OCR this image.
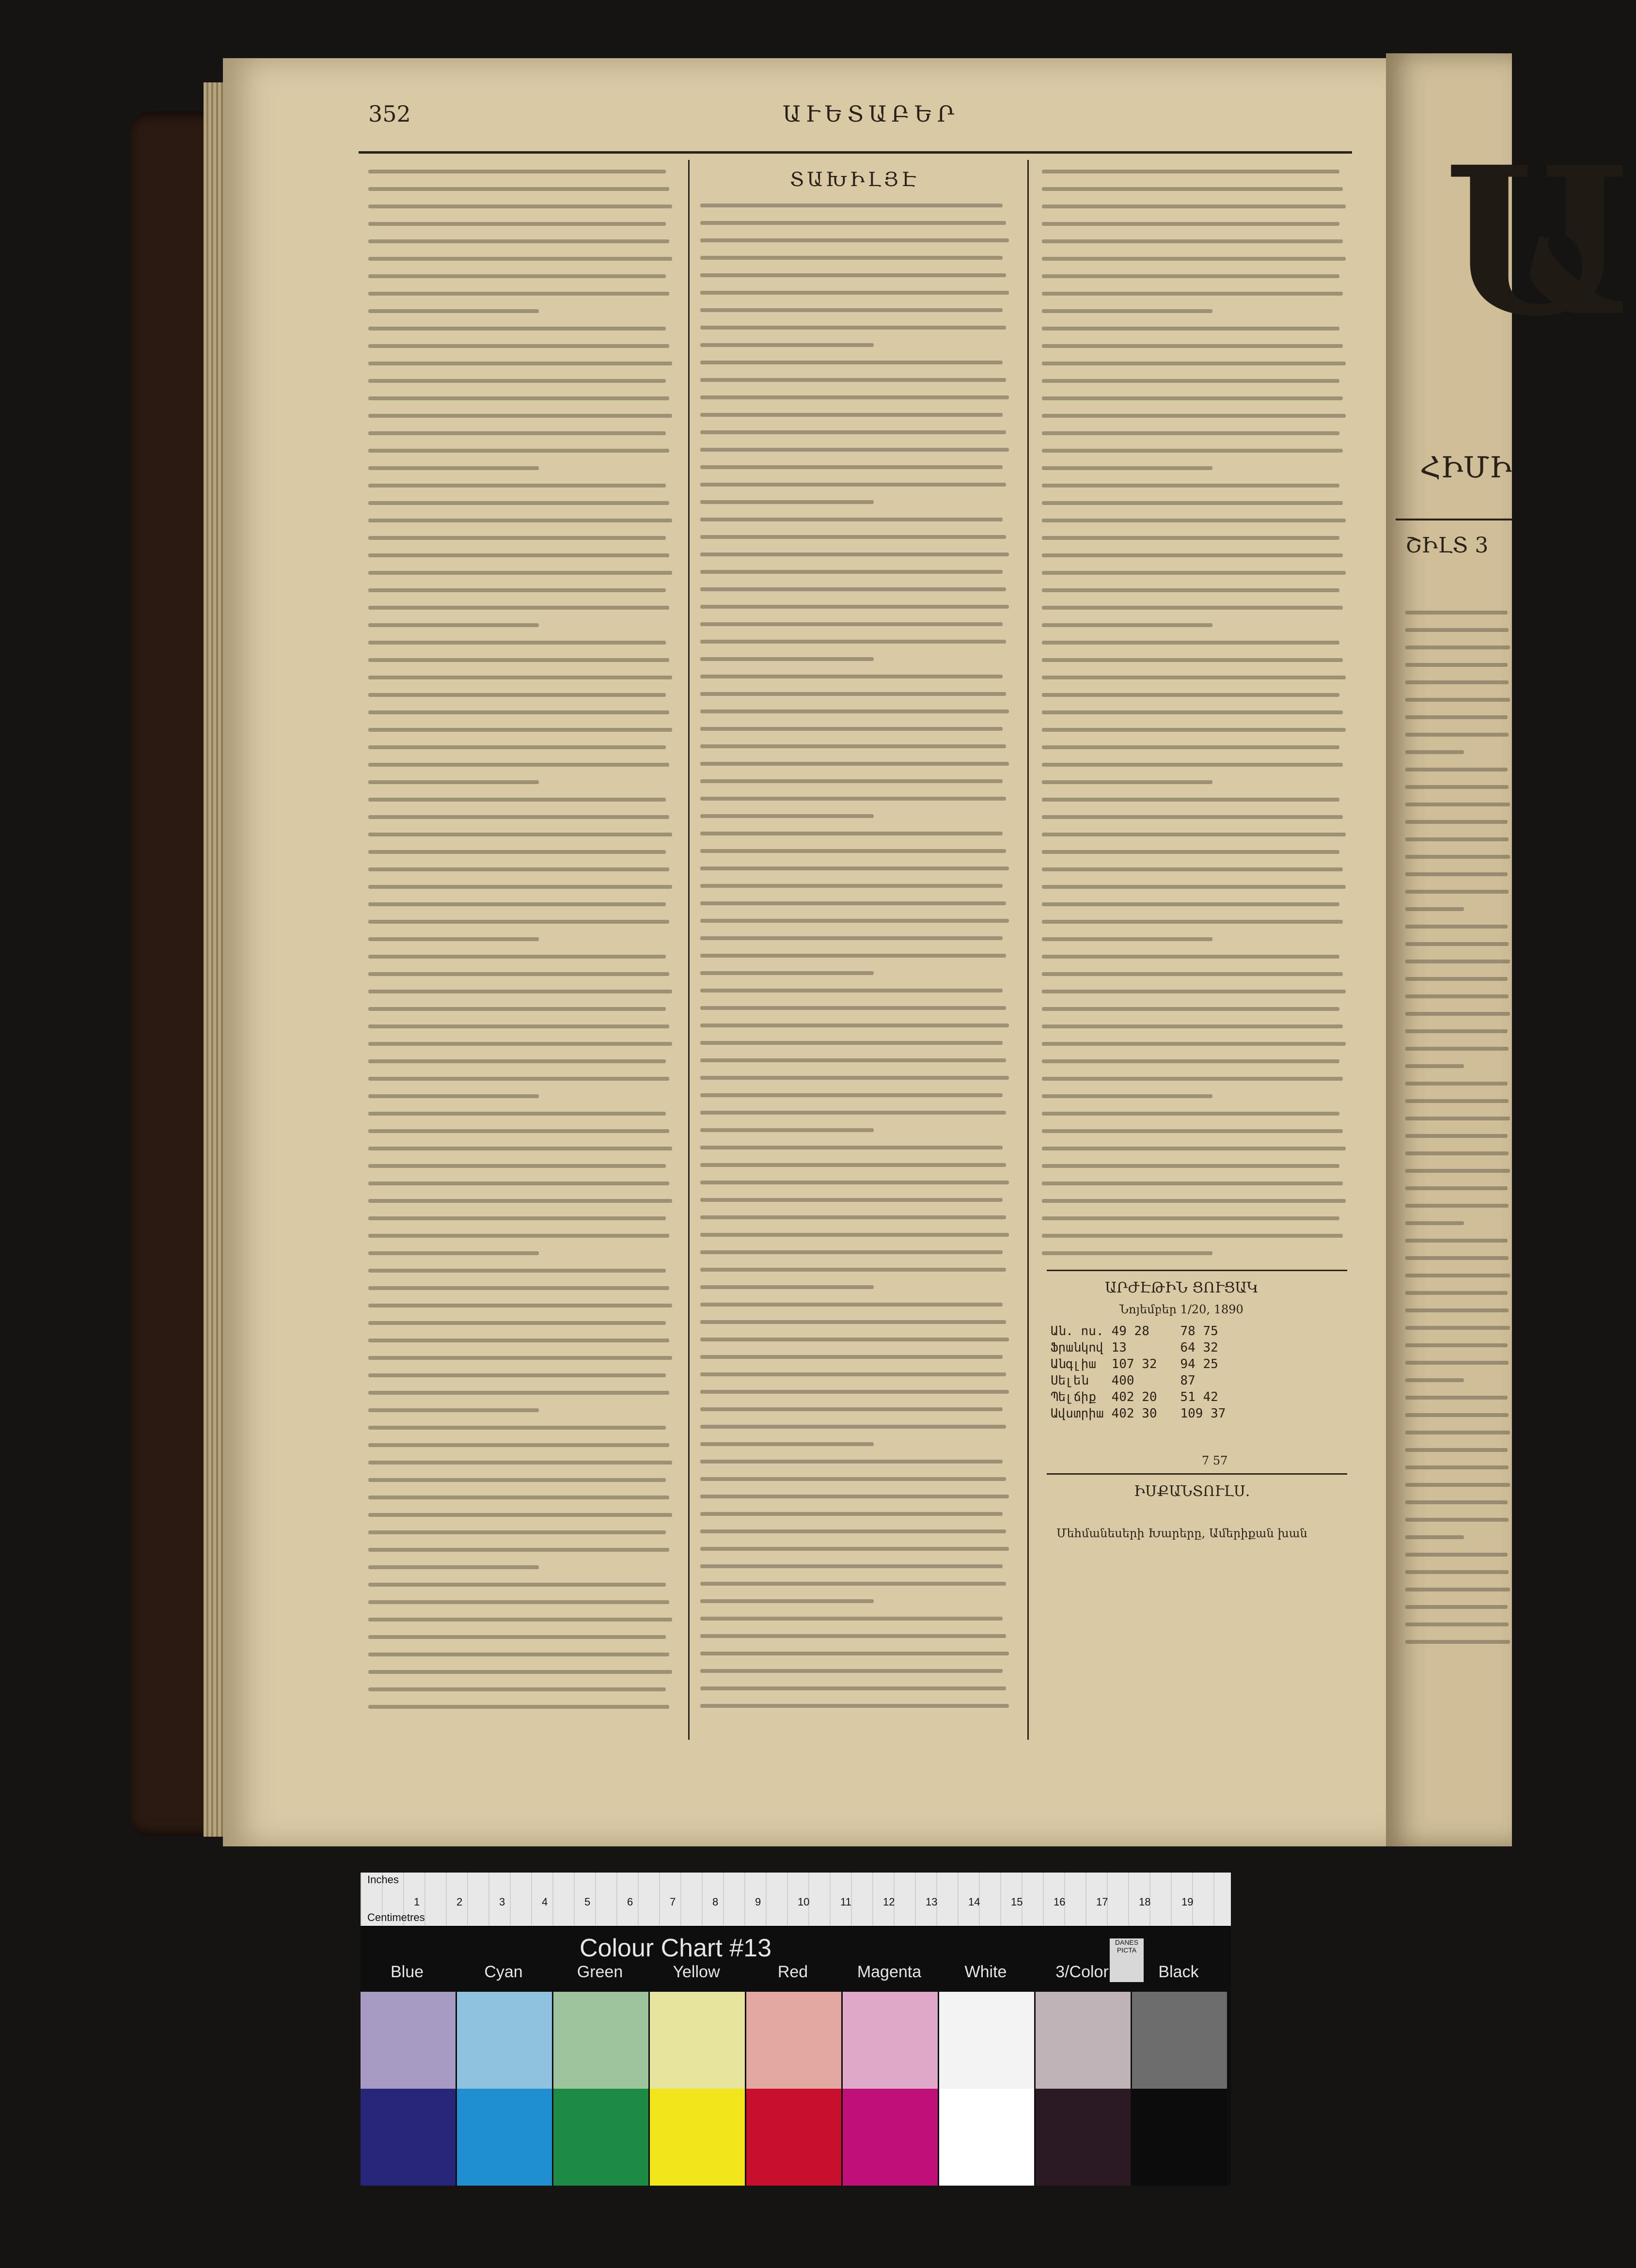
352	ԱՒԵՏԱԲԵՐ
ՏԱԽԻԼՅԷ
ԱՐԺԷԹԻՆ ՑՈՒՑԱԿ
Նոյեմբեր 1/20, 1890
Ան. ոս.	49 28	78 75
Ֆրանկով	13	64 32
Անգլիա	107 32	94 25
Սելեն	400	87
Պելճիք	402 20	51 42
Ավստրիա	402 30	109 37
7 57
ԻՍՔԱՆՏՈՒԼՍ.
Մեհմանեսերի Խարերը, Ամերիքան խան
Ա
ՀԻՄԻ
ՇԻԼՏ 3
Inches
Centimetres
1	2	3	4	5	6	7	8	9	10	11	12	13	14	15	16	17	18	19
Colour Chart #13	DANES PICTA
Blue	Cyan	Green	Yellow	Red	Magenta	White	3/Color	Black
